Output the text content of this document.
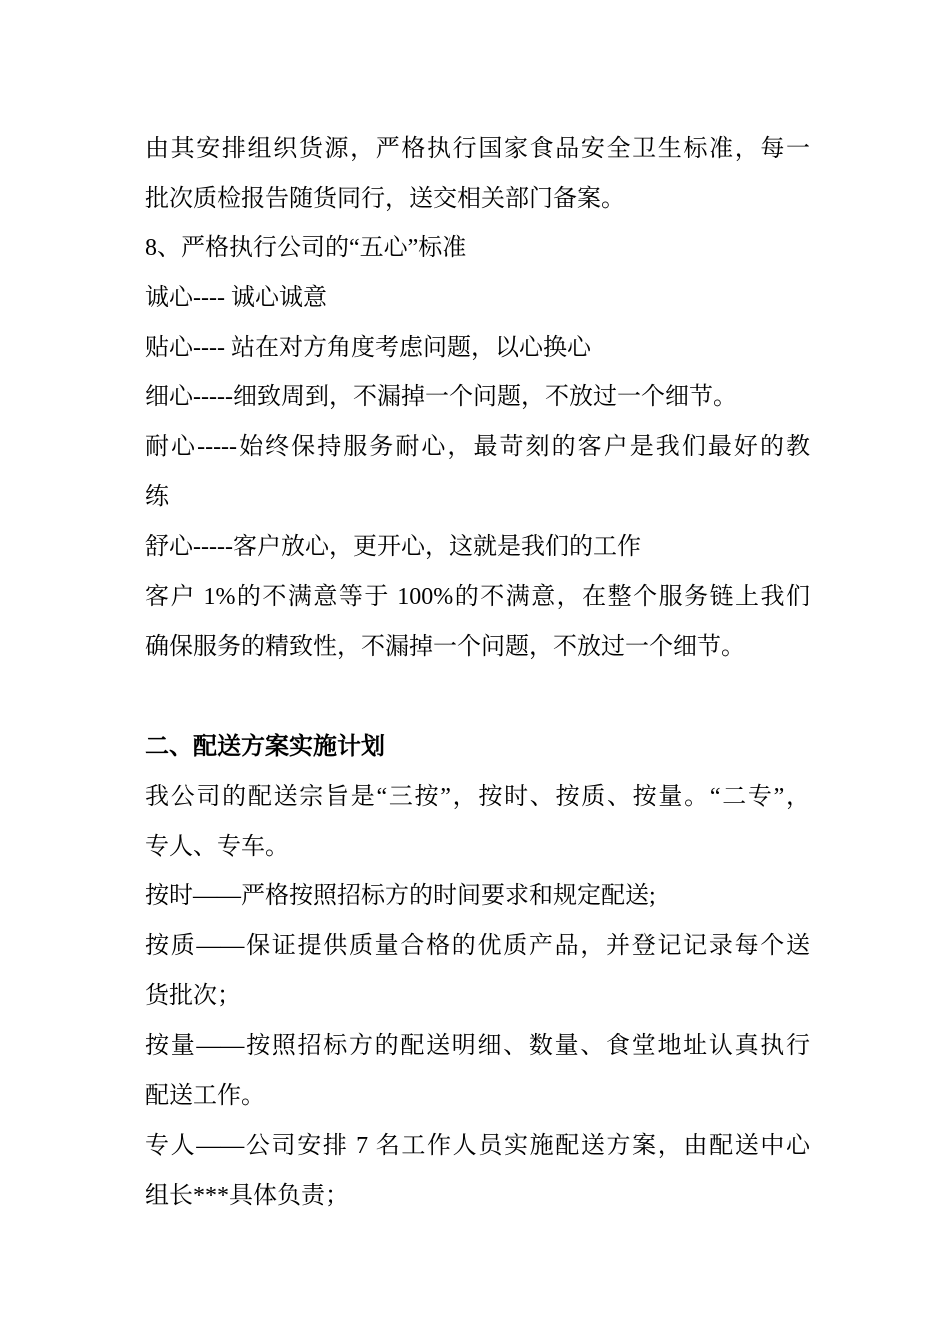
由其安排组织货源，严格执行国家食品安全卫生标准，每一
批次质检报告随货同行，送交相关部门备案。
8、严格执行公司的“五心”标准
诚心---- 诚心诚意
贴心---- 站在对方角度考虑问题，以心换心
细心-----细致周到，不漏掉一个问题，不放过一个细节。
耐心-----始终保持服务耐心，最苛刻的客户是我们最好的教
练
舒心-----客户放心，更开心，这就是我们的工作
客户 1%的不满意等于 100%的不满意，在整个服务链上我们
确保服务的精致性，不漏掉一个问题，不放过一个细节。
二、配送方案实施计划
我公司的配送宗旨是“三按”，按时、按质、按量。“二专”，
专人、专车。
按时——严格按照招标方的时间要求和规定配送;
按质——保证提供质量合格的优质产品，并登记记录每个送
货批次；
按量——按照招标方的配送明细、数量、食堂地址认真执行
配送工作。
专人——公司安排 7 名工作人员实施配送方案，由配送中心
组长***具体负责；
